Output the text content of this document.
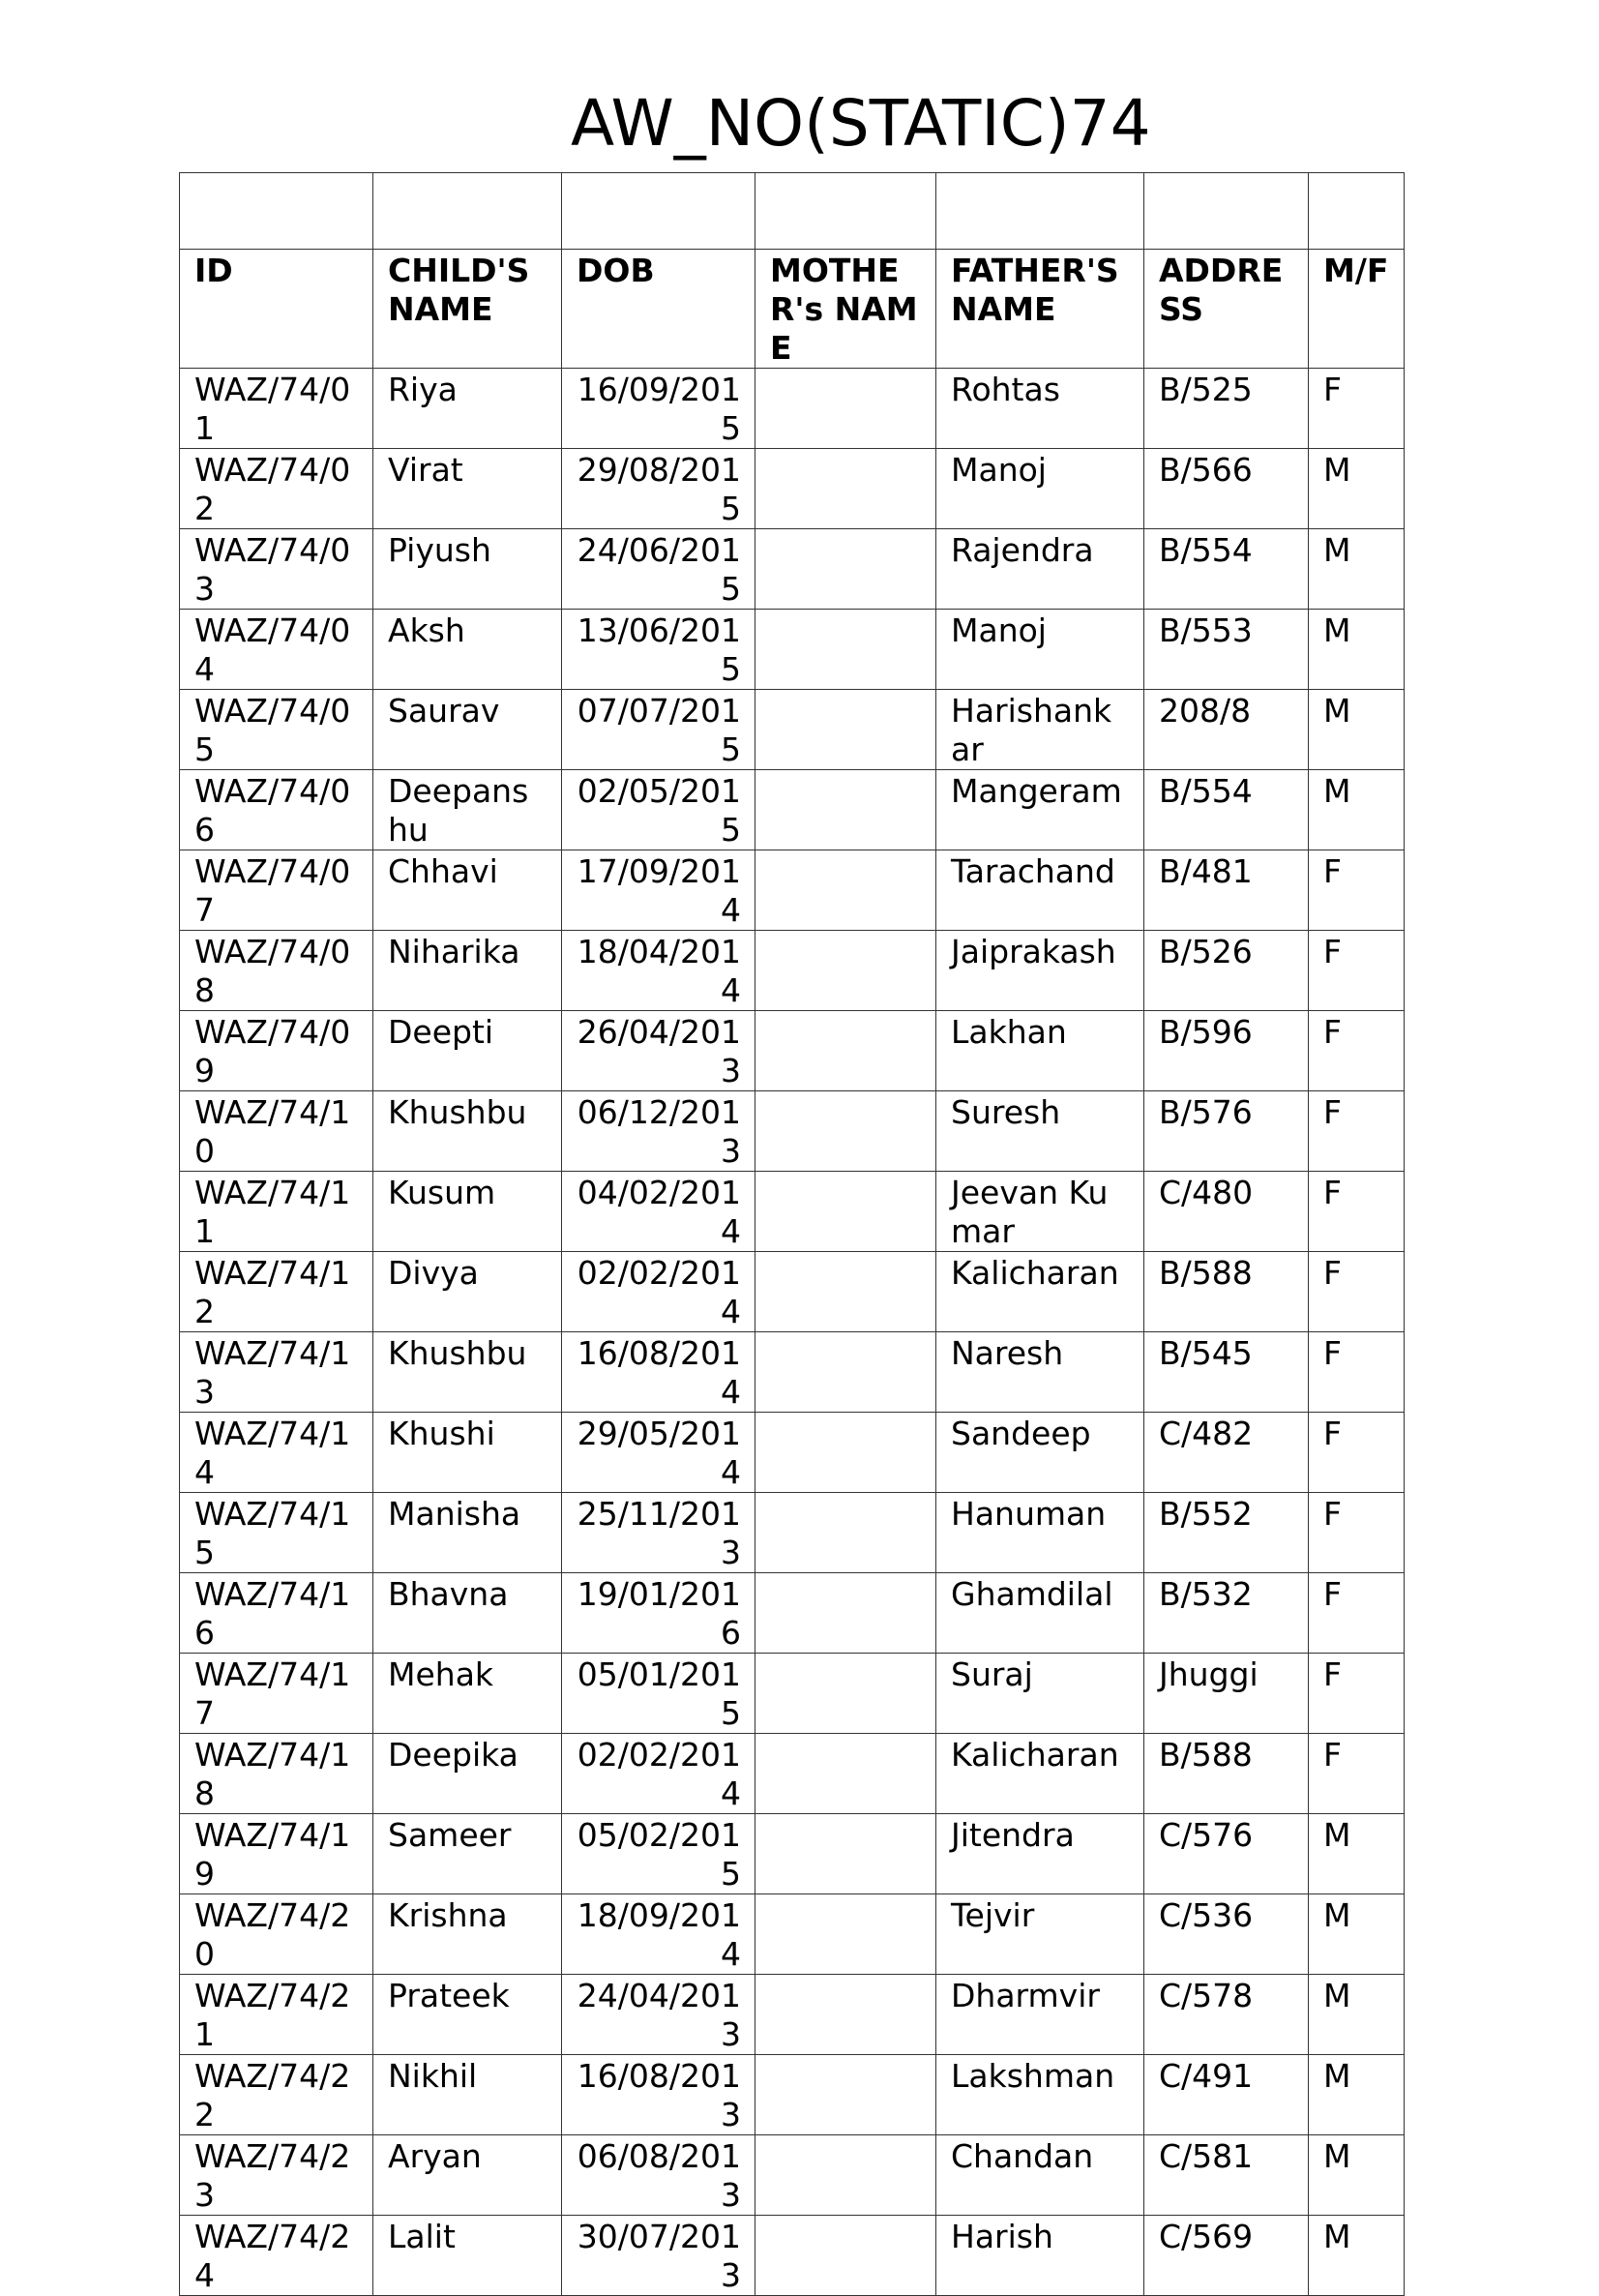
AW_NO(STATIC)74

ID	CHILD'S NAME	DOB	MOTHER's NAME	FATHER'S NAME	ADDRESS	M/F
WAZ/74/01	Riya	16/09/2015		Rohtas	B/525	F
WAZ/74/02	Virat	29/08/2015		Manoj	B/566	M
WAZ/74/03	Piyush	24/06/2015		Rajendra	B/554	M
WAZ/74/04	Aksh	13/06/2015		Manoj	B/553	M
WAZ/74/05	Saurav	07/07/2015		Harishankar	208/8	M
WAZ/74/06	Deepanshu	02/05/2015		Mangeram	B/554	M
WAZ/74/07	Chhavi	17/09/2014		Tarachand	B/481	F
WAZ/74/08	Niharika	18/04/2014		Jaiprakash	B/526	F
WAZ/74/09	Deepti	26/04/2013		Lakhan	B/596	F
WAZ/74/10	Khushbu	06/12/2013		Suresh	B/576	F
WAZ/74/11	Kusum	04/02/2014		Jeevan Kumar	C/480	F
WAZ/74/12	Divya	02/02/2014		Kalicharan	B/588	F
WAZ/74/13	Khushbu	16/08/2014		Naresh	B/545	F
WAZ/74/14	Khushi	29/05/2014		Sandeep	C/482	F
WAZ/74/15	Manisha	25/11/2013		Hanuman	B/552	F
WAZ/74/16	Bhavna	19/01/2016		Ghamdilal	B/532	F
WAZ/74/17	Mehak	05/01/2015		Suraj	Jhuggi	F
WAZ/74/18	Deepika	02/02/2014		Kalicharan	B/588	F
WAZ/74/19	Sameer	05/02/2015		Jitendra	C/576	M
WAZ/74/20	Krishna	18/09/2014		Tejvir	C/536	M
WAZ/74/21	Prateek	24/04/2013		Dharmvir	C/578	M
WAZ/74/22	Nikhil	16/08/2013		Lakshman	C/491	M
WAZ/74/23	Aryan	06/08/2013		Chandan	C/581	M
WAZ/74/24	Lalit	30/07/2013		Harish	C/569	M
